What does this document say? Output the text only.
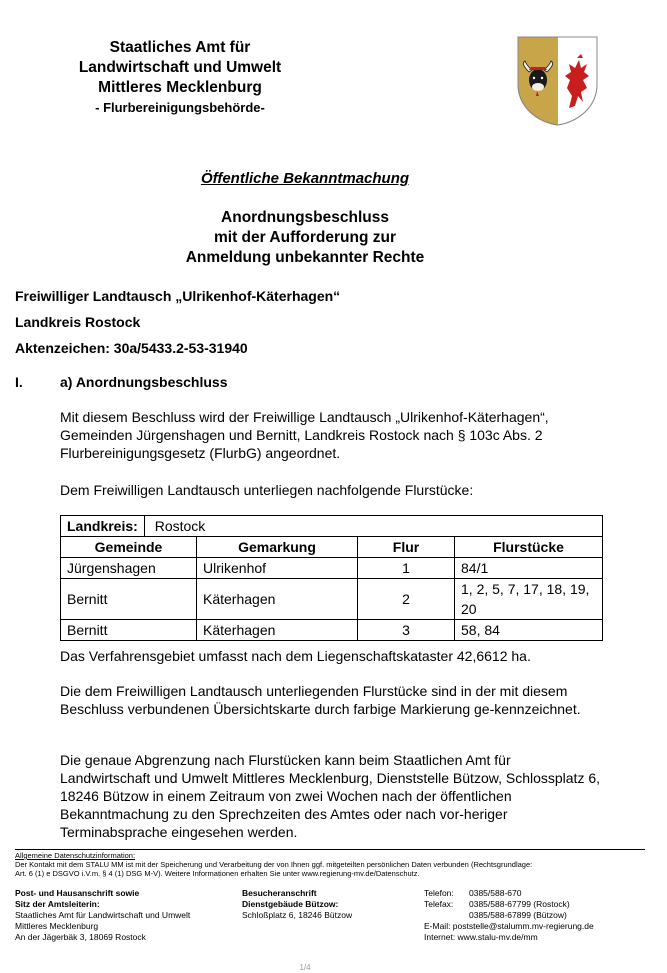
Staatliches Amt für
Landwirtschaft und Umwelt
Mittleres Mecklenburg
- Flurbereinigungsbehörde-
Öffentliche Bekanntmachung
Anordnungsbeschluss
mit der Aufforderung zur
Anmeldung unbekannter Rechte
Freiwilliger Landtausch „Ulrikenhof-Käterhagen“
Landkreis Rostock
Aktenzeichen: 30a/5433.2-53-31940
I.	a) Anordnungsbeschluss
Mit diesem Beschluss wird der Freiwillige Landtausch „Ulrikenhof-Käterhagen“, Gemeinden Jürgenshagen und Bernitt, Landkreis Rostock nach § 103c Abs. 2 Flurbereinigungsgesetz (FlurbG) angeordnet.
Dem Freiwilligen Landtausch unterliegen nachfolgende Flurstücke:
Landkreis: Rostock			
Gemeinde	Gemarkung	Flur	Flurstücke
Jürgenshagen	Ulrikenhof	1	84/1
Bernitt	Käterhagen	2	1, 2, 5, 7, 17, 18, 19, 20
Bernitt	Käterhagen	3	58, 84
Das Verfahrensgebiet umfasst nach dem Liegenschaftskataster 42,6612 ha.
Die dem Freiwilligen Landtausch unterliegenden Flurstücke sind in der mit diesem Beschluss verbundenen Übersichtskarte durch farbige Markierung ge-kennzeichnet.
Die genaue Abgrenzung nach Flurstücken kann beim Staatlichen Amt für Landwirtschaft und Umwelt Mittleres Mecklenburg, Dienststelle Bützow, Schlossplatz 6, 18246 Bützow in einem Zeitraum von zwei Wochen nach der öffentlichen Bekanntmachung zu den Sprechzeiten des Amtes oder nach vor-heriger Terminabsprache eingesehen werden.
Allgemeine Datenschutzinformation:
Der Kontakt mit dem STALU MM ist mit der Speicherung und Verarbeitung der von Ihnen ggf. mitgeteilten persönlichen Daten verbunden (Rechtsgrundlage:
Art. 6 (1) e DSGVO i.V.m. § 4 (1) DSG M-V). Weitere Informationen erhalten Sie unter www.regierung-mv.de/Datenschutz.
Post- und Hausanschrift sowie
Sitz der Amtsleiterin:
Staatliches Amt für Landwirtschaft und Umwelt
Mittleres Mecklenburg
An der Jägerbäk 3, 18069 Rostock
Besucheranschrift
Dienstgebäude Bützow:
Schloßplatz 6, 18246 Bützow
Telefon: 0385/588-670
Telefax: 0385/588-67799 (Rostock)
0385/588-67899 (Bützow)
E-Mail: poststelle@stalumm.mv-regierung.de
Internet: www.stalu-mv.de/mm
1/4
